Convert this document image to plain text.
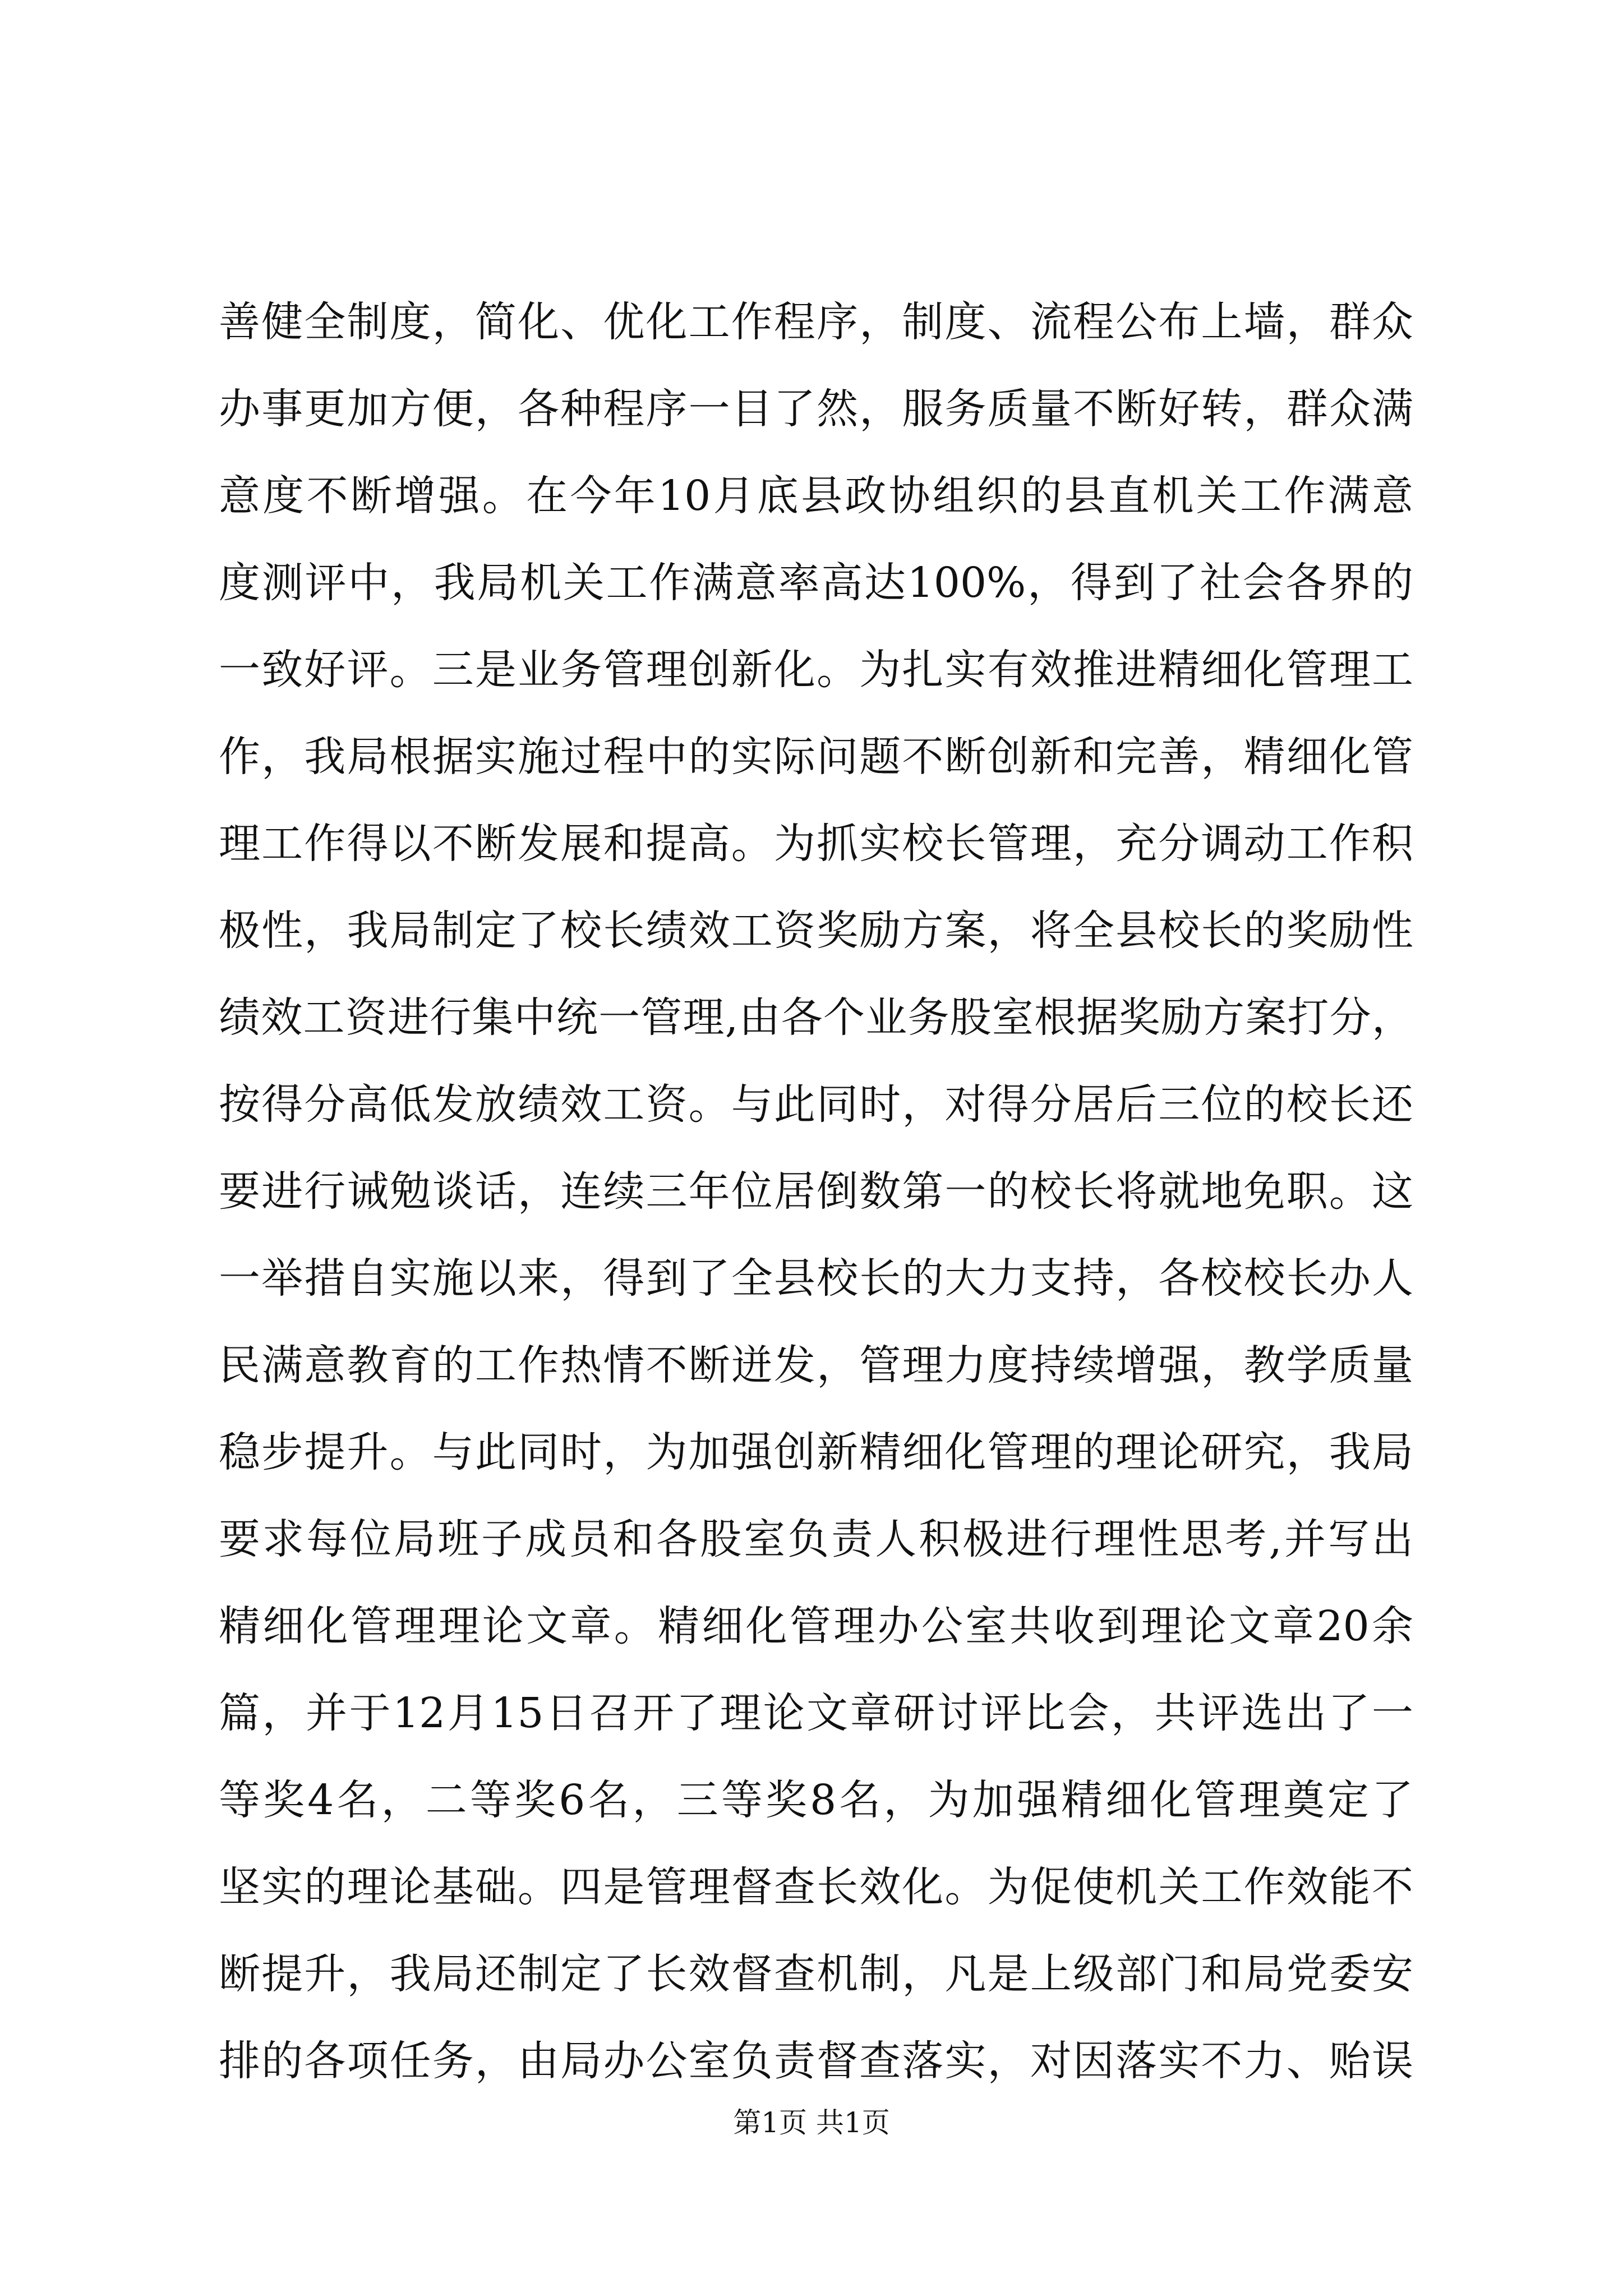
善健全制度，简化、优化工作程序，制度、流程公布上墙，群众
办事更加方便，各种程序一目了然，服务质量不断好转，群众满
意度不断增强。在今年10月底县政协组织的县直机关工作满意
度测评中，我局机关工作满意率高达100%，得到了社会各界的
一致好评。三是业务管理创新化。为扎实有效推进精细化管理工
作，我局根据实施过程中的实际问题不断创新和完善，精细化管
理工作得以不断发展和提高。为抓实校长管理，充分调动工作积
极性，我局制定了校长绩效工资奖励方案，将全县校长的奖励性
绩效工资进行集中统一管理,由各个业务股室根据奖励方案打分，
按得分高低发放绩效工资。与此同时，对得分居后三位的校长还
要进行诫勉谈话，连续三年位居倒数第一的校长将就地免职。这
一举措自实施以来，得到了全县校长的大力支持，各校校长办人
民满意教育的工作热情不断迸发，管理力度持续增强，教学质量
稳步提升。与此同时，为加强创新精细化管理的理论研究，我局
要求每位局班子成员和各股室负责人积极进行理性思考,并写出
精细化管理理论文章。精细化管理办公室共收到理论文章20余
篇，并于12月15日召开了理论文章研讨评比会，共评选出了一
等奖4名，二等奖6名，三等奖8名，为加强精细化管理奠定了
坚实的理论基础。四是管理督查长效化。为促使机关工作效能不
断提升，我局还制定了长效督查机制，凡是上级部门和局党委安
排的各项任务，由局办公室负责督查落实，对因落实不力、贻误
第1页 共1页
